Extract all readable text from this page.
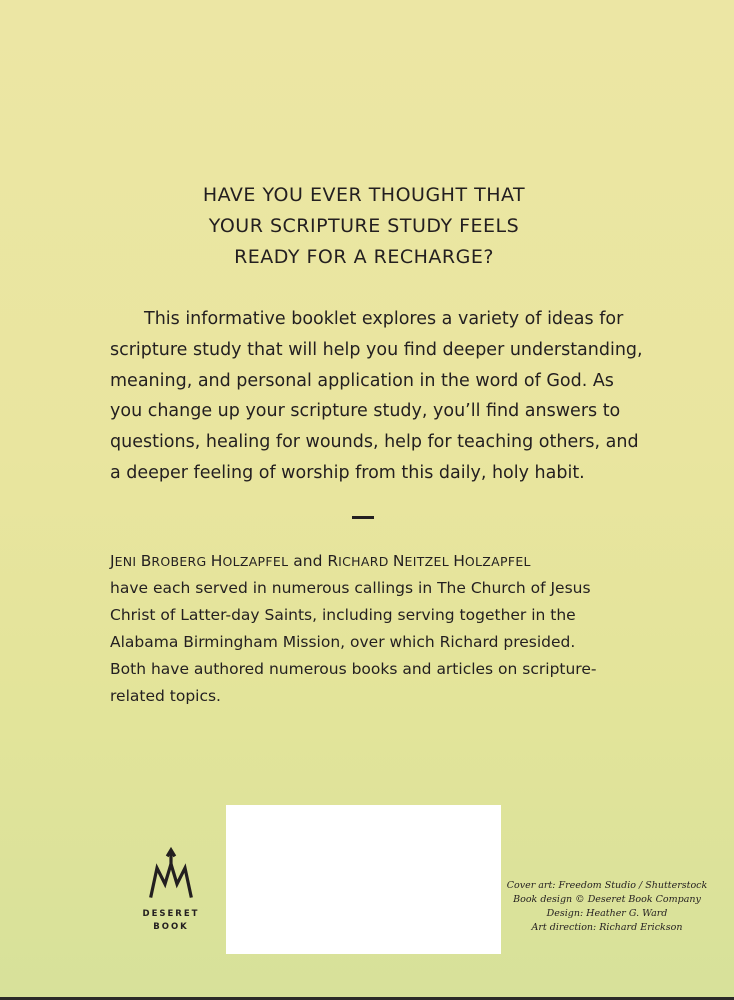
HAVE YOU EVER THOUGHT THAT
YOUR SCRIPTURE STUDY FEELS
READY FOR A RECHARGE?

This informative booklet explores a variety of ideas for
scripture study that will help you find deeper understanding,
meaning, and personal application in the word of God. As
you change up your scripture study, you’ll find answers to
questions, healing for wounds, help for teaching others, and
a deeper feeling of worship from this daily, holy habit.

JENI BROBERG HOLZAPFEL and RICHARD NEITZEL HOLZAPFEL
have each served in numerous callings in The Church of Jesus
Christ of Latter-day Saints, including serving together in the
Alabama Birmingham Mission, over which Richard presided.
Both have authored numerous books and articles on scripture-
related topics.
DESERET
BOOK
Cover art: Freedom Studio / Shutterstock
Book design © Deseret Book Company
Design: Heather G. Ward
Art direction: Richard Erickson
